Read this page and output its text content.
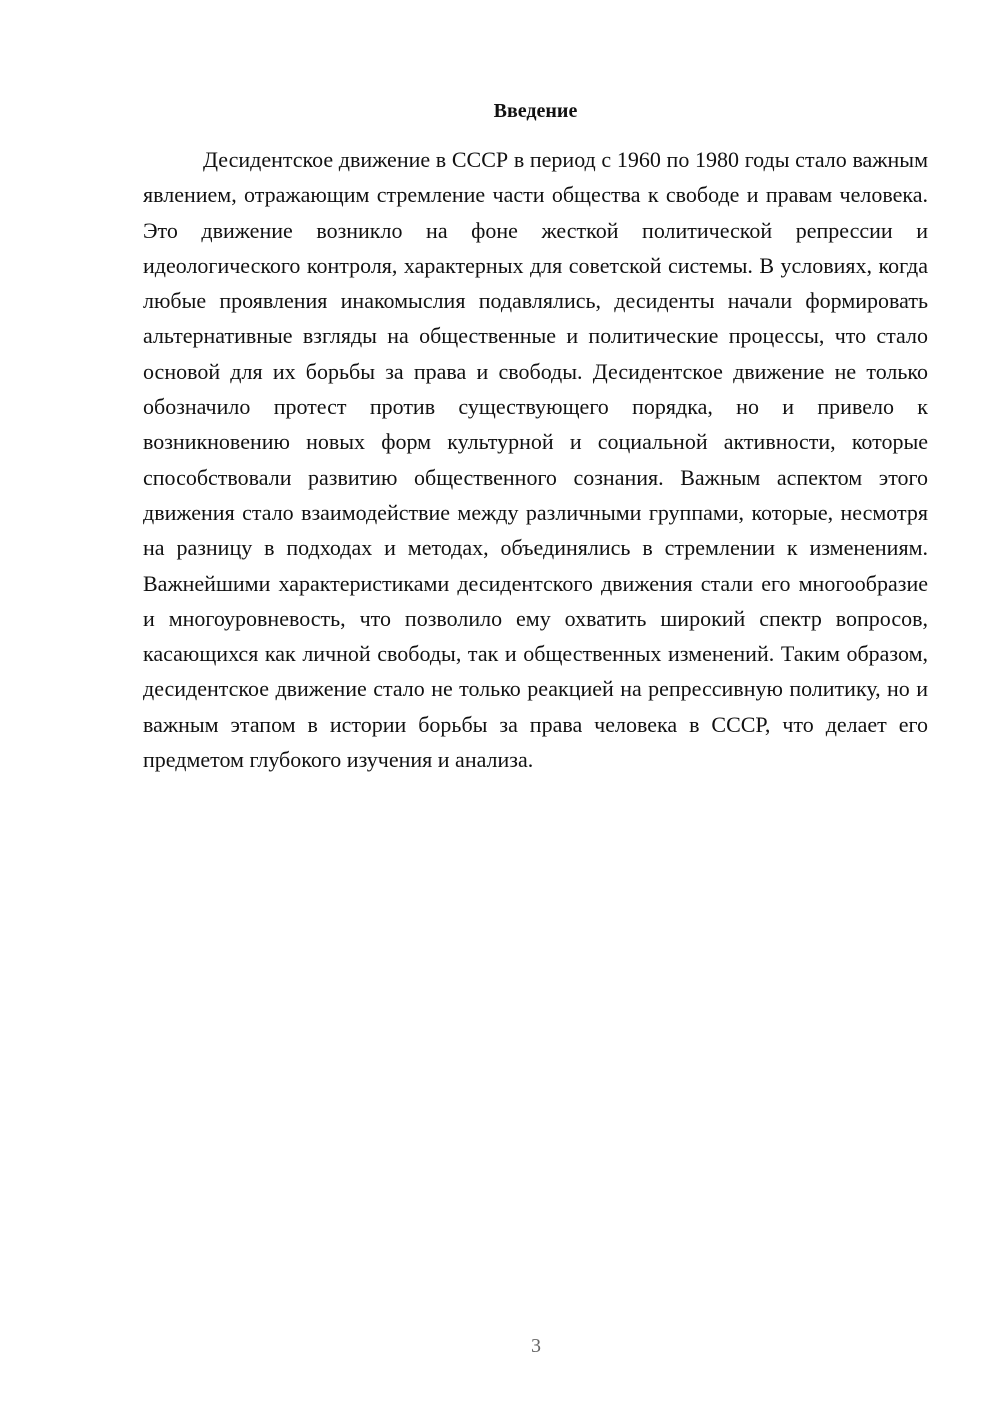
Введение

Десидентское движение в СССР в период с 1960 по 1980 годы стало важным явлением, отражающим стремление части общества к свободе и правам человека. Это движение возникло на фоне жесткой политической репрессии и идеологического контроля, характерных для советской системы. В условиях, когда любые проявления инакомыслия подавлялись, десиденты начали формировать альтернативные взгляды на общественные и политические процессы, что стало основой для их борьбы за права и свободы. Десидентское движение не только обозначило протест против существующего порядка, но и привело к возникновению новых форм культурной и социальной активности, которые способствовали развитию общественного сознания. Важным аспектом этого движения стало взаимодействие между различными группами, которые, несмотря на разницу в подходах и методах, объединялись в стремлении к изменениям. Важнейшими характеристиками десидентского движения стали его многообразие и многоуровневость, что позволило ему охватить широкий спектр вопросов, касающихся как личной свободы, так и общественных изменений. Таким образом, десидентское движение стало не только реакцией на репрессивную политику, но и важным этапом в истории борьбы за права человека в СССР, что делает его предметом глубокого изучения и анализа.

3
